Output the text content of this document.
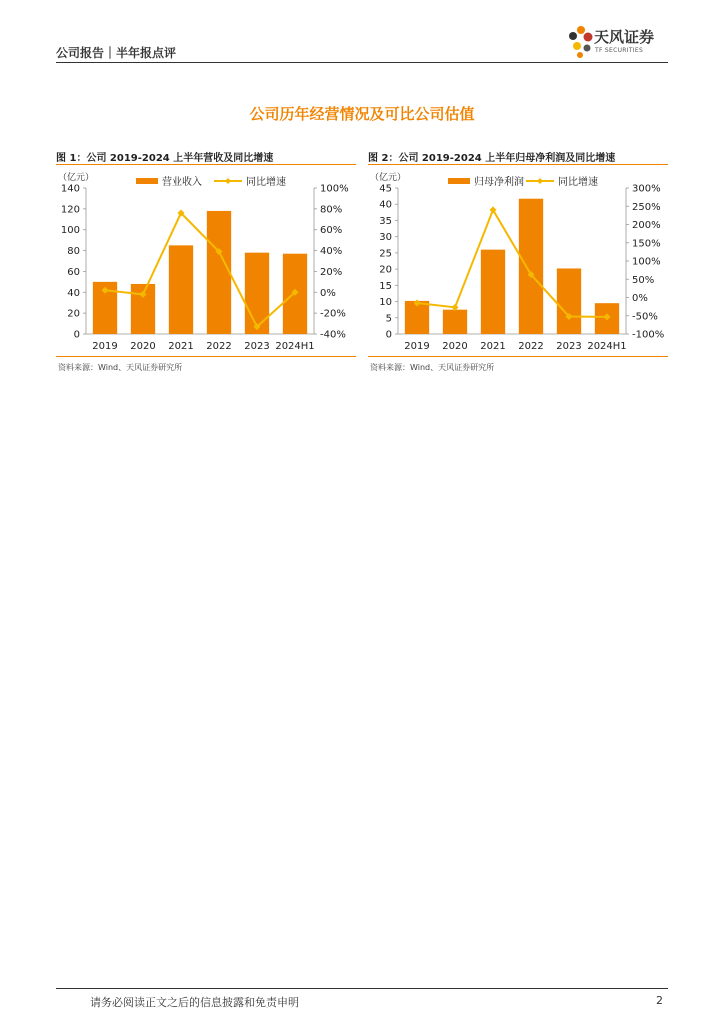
公司报告｜半年报点评
天风证券
TF SECURITIES
公司历年经营情况及可比公司估值
图 1：公司 2019-2024 上半年营收及同比增速
（亿元）	营业收入	同比增速
0
20
40
60
80
100
120
140
-40%
-20%
0%
20%
40%
60%
80%
100%
2019 2020 2021 2022 2023 2024H1
资料来源：Wind、天风证券研究所
图 2：公司 2019-2024 上半年归母净利润及同比增速
（亿元）	归母净利润	同比增速
0
5
10
15
20
25
30
35
40
45
-100%
-50%
0%
50%
100%
150%
200%
250%
300%
2019 2020 2021 2022 2023 2024H1
资料来源：Wind、天风证券研究所
请务必阅读正文之后的信息披露和免责申明	2
